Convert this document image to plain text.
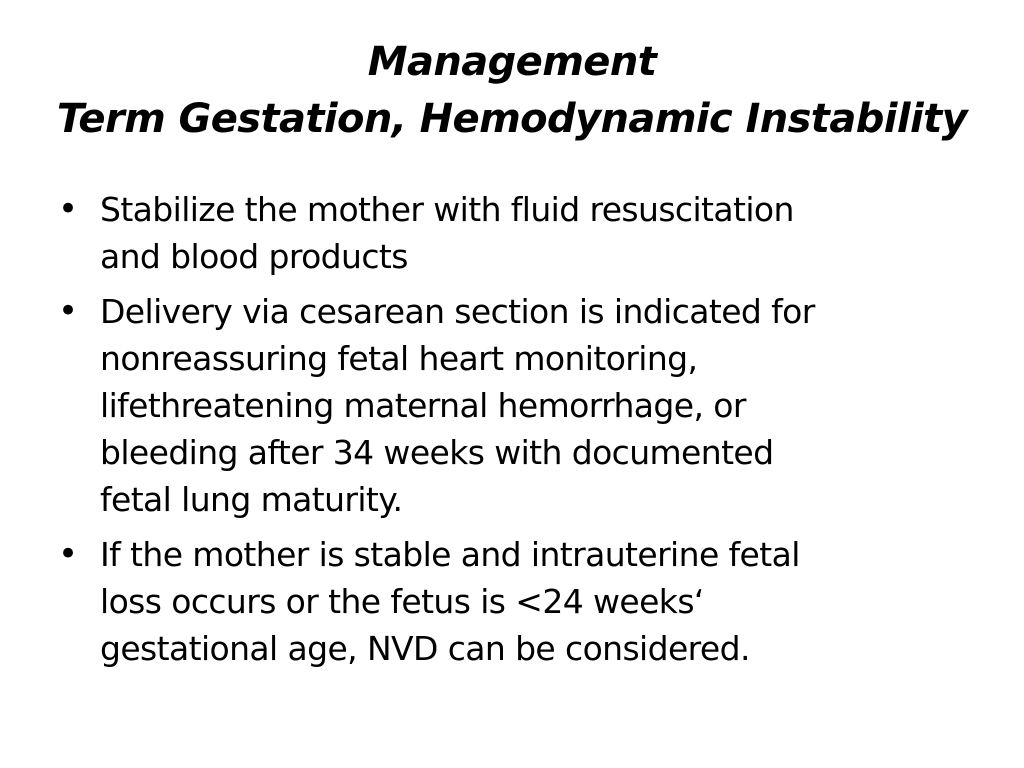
Management
Term Gestation, Hemodynamic Instability
• Stabilize the mother with fluid resuscitation
and blood products
• Delivery via cesarean section is indicated for
nonreassuring fetal heart monitoring,
lifethreatening maternal hemorrhage, or
bleeding after 34 weeks with documented
fetal lung maturity.
• If the mother is stable and intrauterine fetal
loss occurs or the fetus is <24 weeks‘
gestational age, NVD can be considered.
